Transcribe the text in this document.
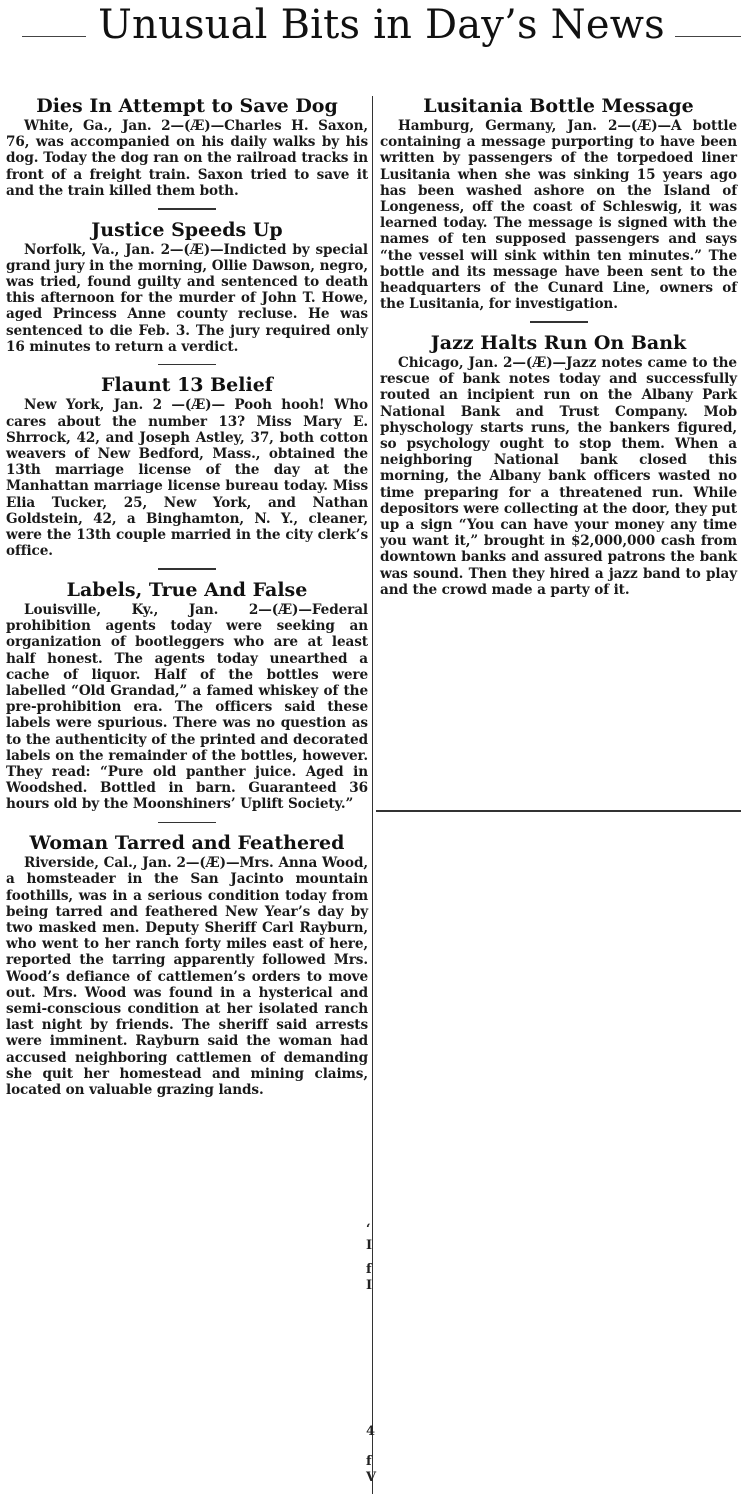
Unusual Bits in Day’s News
Dies In Attempt to Save Dog

White, Ga., Jan. 2—(Æ)—Charles H. Saxon, 76, was accompanied on his daily walks by his dog. Today the dog ran on the railroad tracks in front of a freight train. Saxon tried to save it and the train killed them both.

Justice Speeds Up

Norfolk, Va., Jan. 2—(Æ)—Indicted by special grand jury in the morning, Ollie Dawson, negro, was tried, found guilty and sentenced to death this afternoon for the murder of John T. Howe, aged Princess Anne county recluse. He was sentenced to die Feb. 3. The jury required only 16 minutes to return a verdict.

Flaunt 13 Belief

New York, Jan. 2 —(Æ)— Pooh hooh! Who cares about the number 13? Miss Mary E. Shrrock, 42, and Joseph Astley, 37, both cotton weavers of New Bedford, Mass., obtained the 13th marriage license of the day at the Manhattan marriage license bureau today. Miss Elia Tucker, 25, New York, and Nathan Goldstein, 42, a Binghamton, N. Y., cleaner, were the 13th couple married in the city clerk’s office.

Labels, True And False

Louisville, Ky., Jan. 2—(Æ)—Federal prohibition agents today were seeking an organization of bootleggers who are at least half honest. The agents today unearthed a cache of liquor. Half of the bottles were labelled “Old Grandad,” a famed whiskey of the pre-prohibition era. The officers said these labels were spurious. There was no question as to the authenticity of the printed and decorated labels on the remainder of the bottles, however. They read: “Pure old panther juice. Aged in Woodshed. Bottled in barn. Guaranteed 36 hours old by the Moonshiners’ Uplift Society.”

Woman Tarred and Feathered

Riverside, Cal., Jan. 2—(Æ)—Mrs. Anna Wood, a homsteader in the San Jacinto mountain foothills, was in a serious condition today from being tarred and feathered New Year’s day by two masked men. Deputy Sheriff Carl Rayburn, who went to her ranch forty miles east of here, reported the tarring apparently followed Mrs. Wood’s defiance of cattlemen’s orders to move out. Mrs. Wood was found in a hysterical and semi-conscious condition at her isolated ranch last night by friends. The sheriff said arrests were imminent. Rayburn said the woman had accused neighboring cattlemen of demanding she quit her homestead and mining claims, located on valuable grazing lands.

Lusitania Bottle Message

Hamburg, Germany, Jan. 2—(Æ)—A bottle containing a message purporting to have been written by passengers of the torpedoed liner Lusitania when she was sinking 15 years ago has been washed ashore on the Island of Longeness, off the coast of Schleswig, it was learned today. The message is signed with the names of ten supposed passengers and says “the vessel will sink within ten minutes.” The bottle and its message have been sent to the headquarters of the Cunard Line, owners of the Lusitania, for investigation.

Jazz Halts Run On Bank

Chicago, Jan. 2—(Æ)—Jazz notes came to the rescue of bank notes today and successfully routed an incipient run on the Albany Park National Bank and Trust Company. Mob physchology starts runs, the bankers figured, so psychology ought to stop them. When a neighboring National bank closed this morning, the Albany bank officers wasted no time preparing for a threatened run. While depositors were collecting at the door, they put up a sign “You can have your money any time you want it,” brought in $2,000,000 cash from downtown banks and assured patrons the bank was sound. Then they hired a jazz band to play and the crowd made a party of it.

‘
I
f
I
4
f
V
